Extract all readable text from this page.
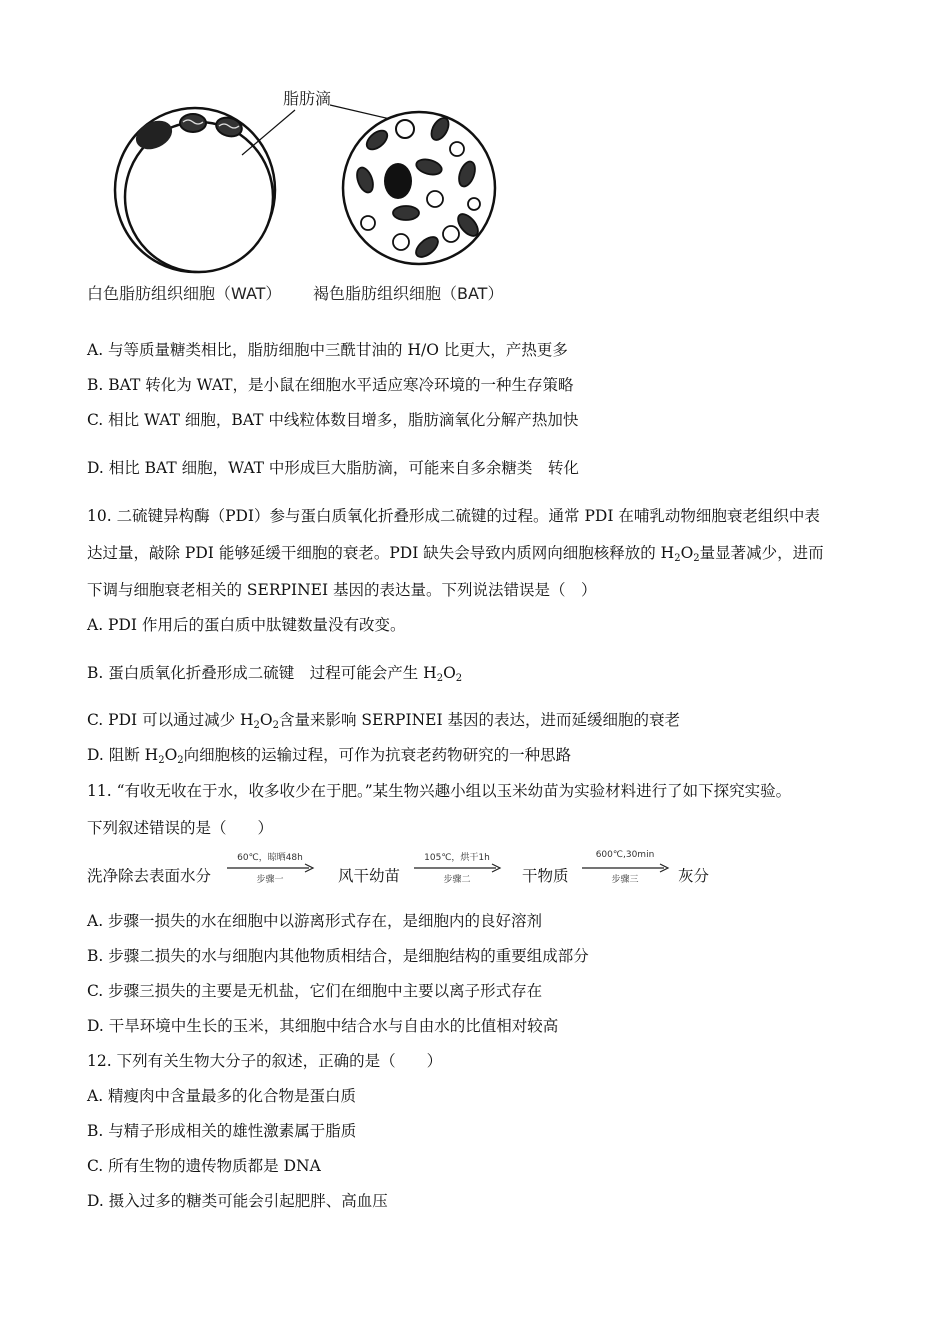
脂肪滴
白色脂肪组织细胞（WAT） 褐色脂肪组织细胞（BAT）
A. 与等质量糖类相比，脂肪细胞中三酰甘油的 H/O 比更大，产热更多
B. BAT 转化为 WAT，是小鼠在细胞水平适应寒冷环境的一种生存策略
C. 相比 WAT 细胞，BAT 中线粒体数目增多，脂肪滴氧化分解产热加快
D. 相比 BAT 细胞，WAT 中形成巨大脂肪滴，可能来自多余糖类　转化
10. 二硫键异构酶（PDI）参与蛋白质氧化折叠形成二硫键的过程。通常 PDI 在哺乳动物细胞衰老组织中表
达过量，敲除 PDI 能够延缓干细胞的衰老。PDI 缺失会导致内质网向细胞核释放的 $H_2O_2$量显著减少，进而
下调与细胞衰老相关的 SERPINEI 基因的表达量。下列说法错误是（　）
A. PDI 作用后的蛋白质中肽键数量没有改变。
B. 蛋白质氧化折叠形成二硫键　过程可能会产生 $H_2O_2$
C. PDI 可以通过减少 $H_2O_2$含量来影响 SERPINEI 基因的表达，进而延缓细胞的衰老
D. 阻断 $H_2O_2$向细胞核的运输过程，可作为抗衰老药物研究的一种思路
11. “有收无收在于水，收多收少在于肥。”某生物兴趣小组以玉米幼苗为实验材料进行了如下探究实验。
下列叙述错误的是（　　）
洗净除去表面水分
60℃，晾晒48h
步骤一	风干幼苗
105℃，烘干1h
步骤二	干物质
600℃,30min
步骤三	灰分
A. 步骤一损失的水在细胞中以游离形式存在，是细胞内的良好溶剂
B. 步骤二损失的水与细胞内其他物质相结合，是细胞结构的重要组成部分
C. 步骤三损失的主要是无机盐，它们在细胞中主要以离子形式存在
D. 干旱环境中生长的玉米，其细胞中结合水与自由水的比值相对较高
12. 下列有关生物大分子的叙述，正确的是（　　）
A. 精瘦肉中含量最多的化合物是蛋白质
B. 与精子形成相关的雄性激素属于脂质
C. 所有生物的遗传物质都是 DNA
D. 摄入过多的糖类可能会引起肥胖、高血压
